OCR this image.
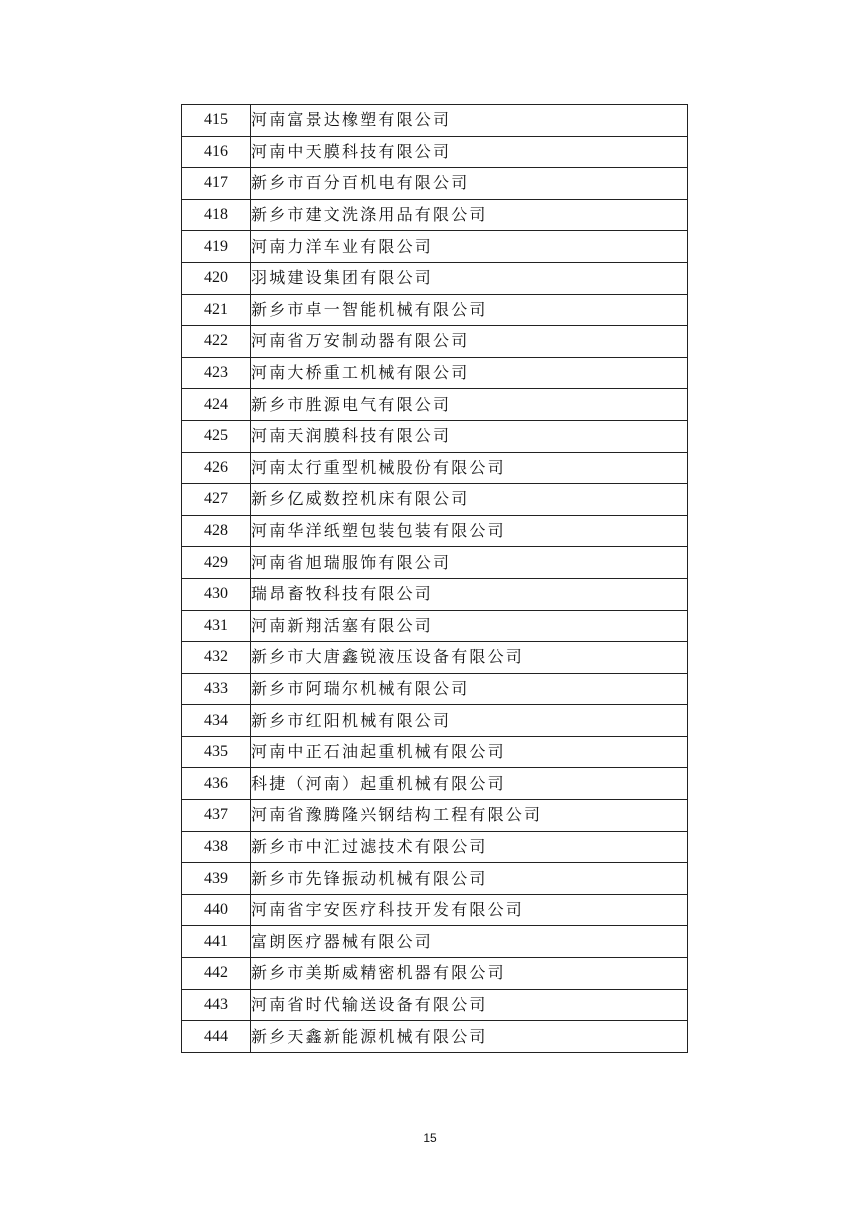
415	河南富景达橡塑有限公司
416	河南中天膜科技有限公司
417	新乡市百分百机电有限公司
418	新乡市建文洗涤用品有限公司
419	河南力洋车业有限公司
420	羽城建设集团有限公司
421	新乡市卓一智能机械有限公司
422	河南省万安制动器有限公司
423	河南大桥重工机械有限公司
424	新乡市胜源电气有限公司
425	河南天润膜科技有限公司
426	河南太行重型机械股份有限公司
427	新乡亿威数控机床有限公司
428	河南华洋纸塑包装包装有限公司
429	河南省旭瑞服饰有限公司
430	瑞昂畜牧科技有限公司
431	河南新翔活塞有限公司
432	新乡市大唐鑫锐液压设备有限公司
433	新乡市阿瑞尔机械有限公司
434	新乡市红阳机械有限公司
435	河南中正石油起重机械有限公司
436	科捷（河南）起重机械有限公司
437	河南省豫腾隆兴钢结构工程有限公司
438	新乡市中汇过滤技术有限公司
439	新乡市先锋振动机械有限公司
440	河南省宇安医疗科技开发有限公司
441	富朗医疗器械有限公司
442	新乡市美斯威精密机器有限公司
443	河南省时代输送设备有限公司
444	新乡天鑫新能源机械有限公司
15
